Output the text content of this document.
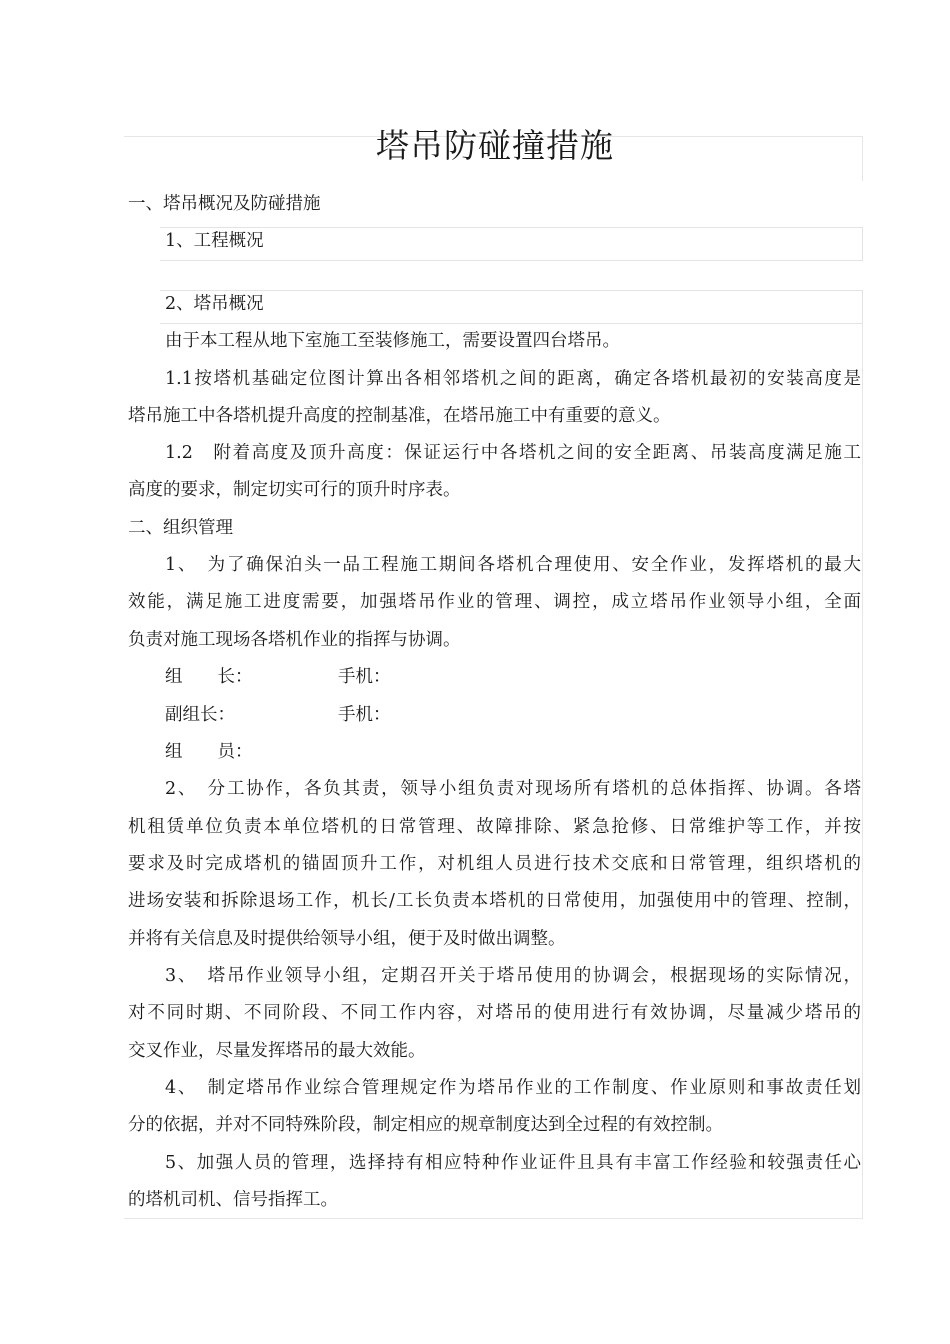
塔吊防碰撞措施
一、塔吊概况及防碰措施
1、工程概况
2、塔吊概况
由于本工程从地下室施工至装修施工，需要设置四台塔吊。
1.1按塔机基础定位图计算出各相邻塔机之间的距离，确定各塔机最初的安装高度是
塔吊施工中各塔机提升高度的控制基准，在塔吊施工中有重要的意义。
1.2　附着高度及顶升高度：保证运行中各塔机之间的安全距离、吊装高度满足施工
高度的要求，制定切实可行的顶升时序表。
二、组织管理
1、　为了确保泊头一品工程施工期间各塔机合理使用、安全作业，发挥塔机的最大
效能，满足施工进度需要，加强塔吊作业的管理、调控，成立塔吊作业领导小组，全面
负责对施工现场各塔机作业的指挥与协调。
组　　长：	手机：
副组长：	手机：
组　　员：
2、　分工协作，各负其责，领导小组负责对现场所有塔机的总体指挥、协调。各塔
机租赁单位负责本单位塔机的日常管理、故障排除、紧急抢修、日常维护等工作，并按
要求及时完成塔机的锚固顶升工作，对机组人员进行技术交底和日常管理，组织塔机的
进场安装和拆除退场工作，机长/工长负责本塔机的日常使用，加强使用中的管理、控制，
并将有关信息及时提供给领导小组，便于及时做出调整。
3、　塔吊作业领导小组，定期召开关于塔吊使用的协调会，根据现场的实际情况，
对不同时期、不同阶段、不同工作内容，对塔吊的使用进行有效协调，尽量减少塔吊的
交叉作业，尽量发挥塔吊的最大效能。
4、　制定塔吊作业综合管理规定作为塔吊作业的工作制度、作业原则和事故责任划
分的依据，并对不同特殊阶段，制定相应的规章制度达到全过程的有效控制。
5、加强人员的管理，选择持有相应特种作业证件且具有丰富工作经验和较强责任心
的塔机司机、信号指挥工。
